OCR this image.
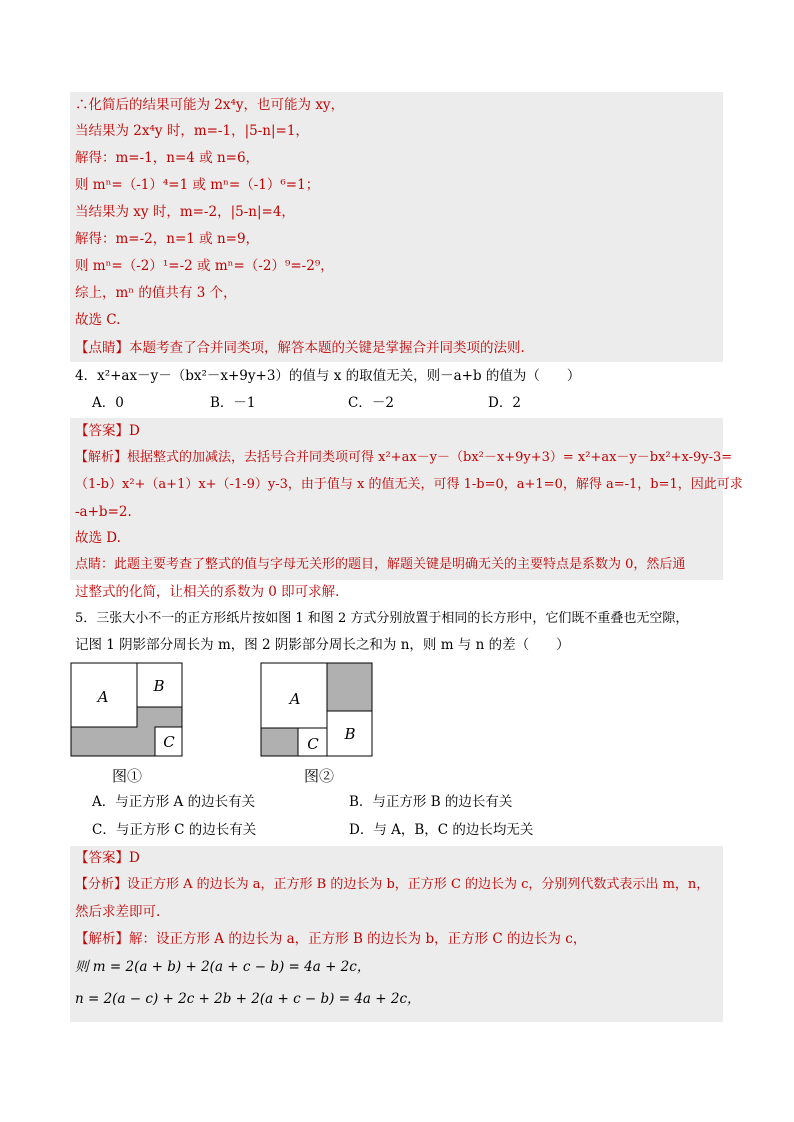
∴化简后的结果可能为 2x⁴y，也可能为 xy，
当结果为 2x⁴y 时，m=-1，|5-n|=1，
解得：m=-1，n=4 或 n=6，
则 mⁿ=（-1）⁴=1 或 mⁿ=（-1）⁶=1；
当结果为 xy 时，m=-2，|5-n|=4，
解得：m=-2，n=1 或 n=9，
则 mⁿ=（-2）¹=-2 或 mⁿ=（-2）⁹=-2⁹，
综上，mⁿ 的值共有 3 个，
故选 C.
【点睛】本题考查了合并同类项，解答本题的关键是掌握合并同类项的法则.
4．x²+ax－y－（bx²－x+9y+3）的值与 x 的取值无关，则－a+b 的值为（　　）
A．0	B．－1	C．－2	D．2
【答案】D
【解析】根据整式的加减法，去括号合并同类项可得 x²+ax－y－（bx²－x+9y+3）= x²+ax－y－bx²+x-9y-3=
（1-b）x²+（a+1）x+（-1-9）y-3，由于值与 x 的值无关，可得 1-b=0，a+1=0，解得 a=-1，b=1，因此可求
-a+b=2.
故选 D.
点睛：此题主要考查了整式的值与字母无关形的题目，解题关键是明确无关的主要特点是系数为 0，然后通
过整式的化简，让相关的系数为 0 即可求解.
5．三张大小不一的正方形纸片按如图 1 和图 2 方式分别放置于相同的长方形中，它们既不重叠也无空隙，
记图 1 阴影部分周长为 m，图 2 阴影部分周长之和为 n，则 m 与 n 的差（　　）
A
B
C
图①
A
C
B
图②
A．与正方形 A 的边长有关	B．与正方形 B 的边长有关
C．与正方形 C 的边长有关	D．与 A，B，C 的边长均无关
【答案】D
【分析】设正方形 A 的边长为 a，正方形 B 的边长为 b，正方形 C 的边长为 c，分别列代数式表示出 m，n，
然后求差即可.
【解析】解：设正方形 A 的边长为 a，正方形 B 的边长为 b，正方形 C 的边长为 c，
则 m = 2(a + b) + 2(a + c − b) = 4a + 2c，
n = 2(a − c) + 2c + 2b + 2(a + c − b) = 4a + 2c，
